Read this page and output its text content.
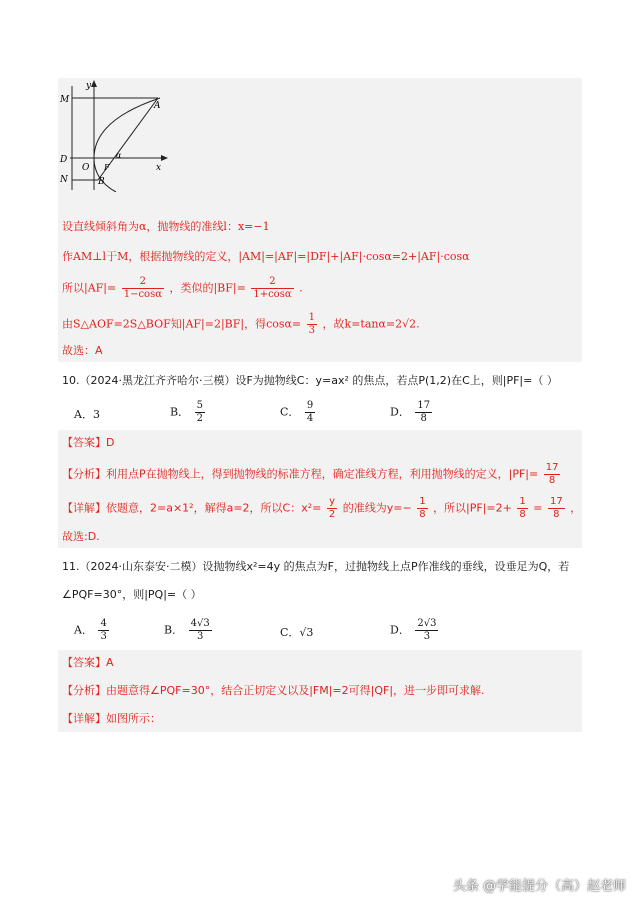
y
x
M
A
D
O F
α
N	B
设直线倾斜角为α，抛物线的准线l：x=−1
作AM⊥l于M，根据抛物线的定义，|AM|=|AF|=|DF|+|AF|·cosα=2+|AF|·cosα
所以$|AF|= \frac{2}{1-\cos\alpha}$ ，类似的$|BF|= \frac{2}{1+\cos\alpha}$ .
由S△AOF=2S△BOF知|AF|=2|BF|，得$\cos\alpha= \frac{1}{3}$ ，故k=tanα=2√2.
故选：A
10.（2024·黑龙江齐齐哈尔·三模）设F为抛物线C：y=ax² 的焦点，若点P(1,2)在C上，则|PF|=（ ）
A．3	B． $\frac{5}{2}$	C． $\frac{9}{4}$	D． $\frac{17}{8}$
【答案】D
【分析】利用点P在抛物线上，得到抛物线的标准方程，确定准线方程，利用抛物线的定义，$|PF|= \frac{17}{8}$
【详解】依题意，2=a×1²，解得a=2，所以C：$x^2= \frac{y}{2}$ 的准线为$y=- \frac{1}{8}$ ，所以$|PF|=2+ \frac{1}{8} = \frac{17}{8}$ ，
故选:D.
11.（2024·山东泰安·二模）设抛物线x²=4y 的焦点为F，过抛物线上点P作准线的垂线，设垂足为Q，若
∠PQF=30°，则|PQ|=（ ）
A． $\frac{4}{3}$	B． $\frac{4√3}{3}$	C．√3	D． $\frac{2√3}{3}$
【答案】A
【分析】由题意得∠PQF=30°，结合正切定义以及|FM|=2可得|QF|，进一步即可求解.
【详解】如图所示：
头条 @学能提分（高）赵老师
